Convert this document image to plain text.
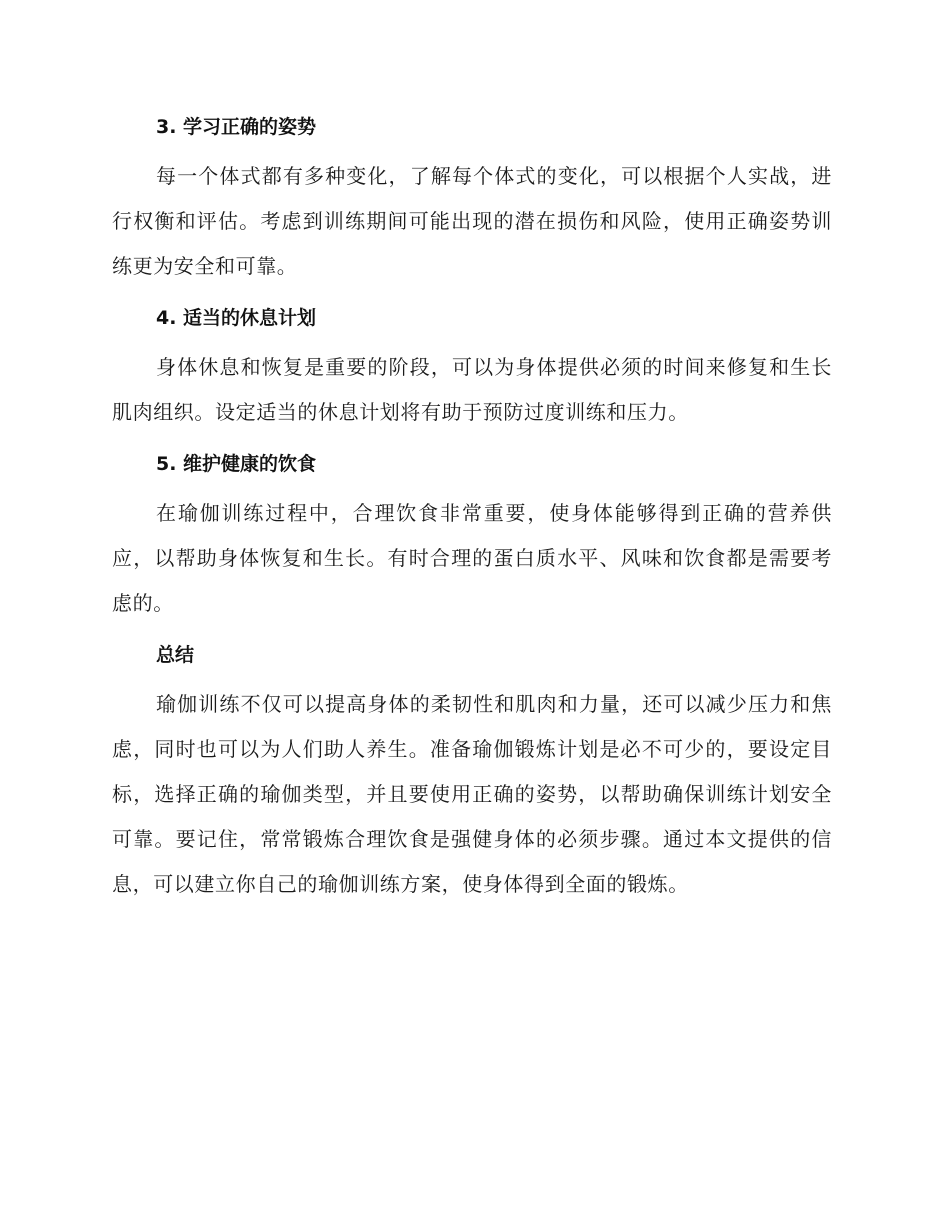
3. 学习正确的姿势

每一个体式都有多种变化，了解每个体式的变化，可以根据个人实战，进行权衡和评估。考虑到训练期间可能出现的潜在损伤和风险，使用正确姿势训练更为安全和可靠。

4. 适当的休息计划

身体休息和恢复是重要的阶段，可以为身体提供必须的时间来修复和生长肌肉组织。设定适当的休息计划将有助于预防过度训练和压力。

5. 维护健康的饮食

在瑜伽训练过程中，合理饮食非常重要，使身体能够得到正确的营养供应，以帮助身体恢复和生长。有时合理的蛋白质水平、风味和饮食都是需要考虑的。

总结

瑜伽训练不仅可以提高身体的柔韧性和肌肉和力量，还可以减少压力和焦虑，同时也可以为人们助人养生。准备瑜伽锻炼计划是必不可少的，要设定目标，选择正确的瑜伽类型，并且要使用正确的姿势，以帮助确保训练计划安全可靠。要记住，常常锻炼合理饮食是强健身体的必须步骤。通过本文提供的信息，可以建立你自己的瑜伽训练方案，使身体得到全面的锻炼。
